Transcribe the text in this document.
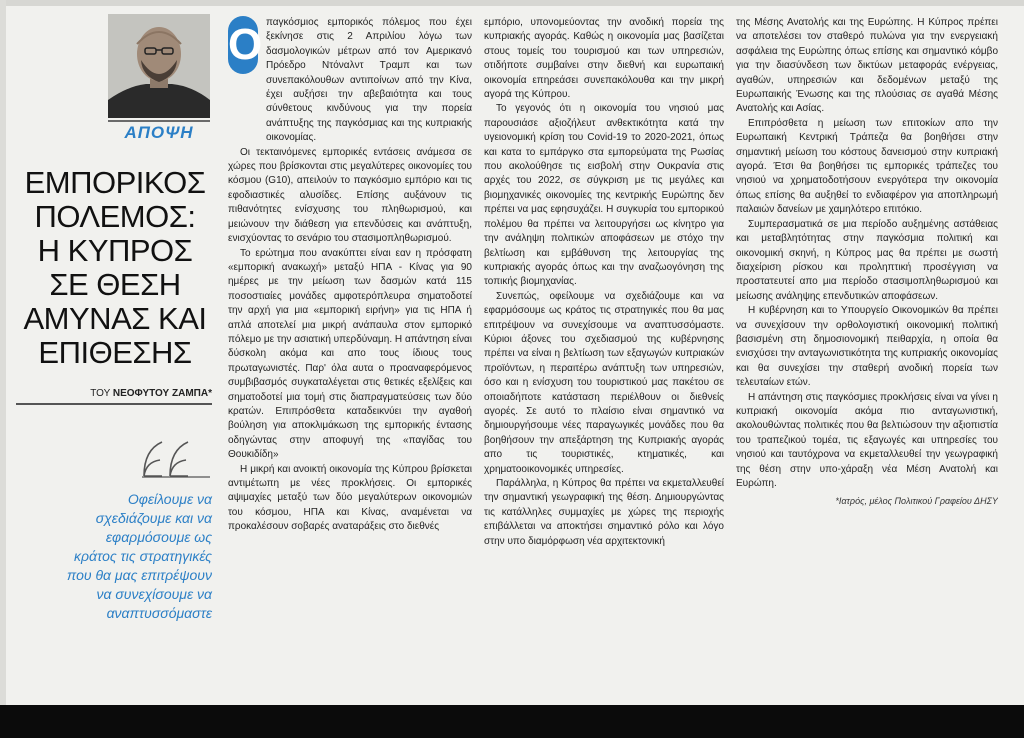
ΑΠΟΨΗ
ΕΜΠΟΡΙΚΟΣ
ΠΟΛΕΜΟΣ:
Η ΚΥΠΡΟΣ
ΣΕ ΘΕΣΗ
ΑΜΥΝΑΣ ΚΑΙ
ΕΠΙΘΕΣΗΣ
ΤΟΥ ΝΕΟΦΥΤΟΥ ΖΑΜΠΑ*
Οφείλουμε να σχεδιάζουμε και να εφαρμόσουμε ως κράτος τις στρατηγικές που θα μας επιτρέψουν να συνεχίσουμε να αναπτυσσόμαστε
Ο παγκόσμιος εμπορικός πόλεμος που έχει ξεκίνησε στις 2 Απριλίου λόγω των δασμολογικών μέτρων από τον Αμερικανό Πρόεδρο Ντόναλντ Τραμπ και των συνεπακόλουθων αντιποίνων από την Κίνα, έχει αυξήσει την αβεβαιότητα και τους σύνθετους κινδύνους για την πορεία ανάπτυξης της παγκόσμιας και της κυπριακής οικονομίας.

Οι τεκταινόμενες εμπορικές εντάσεις ανάμεσα σε χώρες που βρίσκονται στις μεγαλύτερες οικονομίες του κόσμου (G10), απειλούν το παγκόσμιο εμπόριο και τις εφοδιαστικές αλυσίδες. Επίσης αυξάνουν τις πιθανότητες ενίσχυσης του πληθωρισμού, και μειώνουν την διάθεση για επενδύσεις και ανάπτυξη, ενισχύοντας το σενάριο του στασιμοπληθωρισμού.

Το ερώτημα που ανακύπτει είναι εαν η πρόσφατη «εμπορική ανακωχή» μεταξύ ΗΠΑ - Κίνας για 90 ημέρες με την μείωση των δασμών κατά 115 ποσοστιαίες μονάδες αμφοτερόπλευρα σηματοδοτεί την αρχή για μια «εμπορική ειρήνη» για τις ΗΠΑ ή απλά αποτελεί μια μικρή ανάπαυλα στον εμπορικό πόλεμο με την ασιατική υπερδύναμη. Η απάντηση είναι δύσκολη ακόμα και απο τους ίδιους τους πρωταγωνιστές. Παρ' όλα αυτα ο προαναφερόμενος συμβιβασμός συγκαταλέγεται στις θετικές εξελίξεις και σηματοδοτεί μια τομή στις διαπραγματεύσεις των δύο κρατών. Επιπρόσθετα καταδεικνύει την αγαθοή βούληση για αποκλιμάκωση της εμπορικής έντασης οδηγώντας στην αποφυγή της «παγίδας του Θουκιδίδη»

Η μικρή και ανοικτή οικονομία της Κύπρου βρίσκεται αντιμέτωπη με νέες προκλήσεις. Οι εμπορικές αψιμαχίες μεταξύ των δύο μεγαλύτερων οικονομιών του κόσμου, ΗΠΑ και Κίνας, αναμένεται να προκαλέσουν σοβαρές αναταράξεις στο διεθνές

εμπόριο, υπονομεύοντας την ανοδική πορεία της κυπριακής αγοράς. Καθώς η οικονομία μας βασίζεται στους τομείς του τουρισμού και των υπηρεσιών, οτιδήποτε συμβαίνει στην διεθνή και ευρωπαική οικονομία επηρεάσει συνεπακόλουθα και την μικρή αγορά της Κύπρου.

Το γεγονός ότι η οικονομία του νησιού μας παρουσιάσε αξιοζήλευτ ανθεκτικότητα κατά την υγειονομική κρίση του Covid-19 το 2020-2021, όπως και κατα το εμπάργκο στα εμπορεύματα της Ρωσίας που ακολούθησε τις εισβολή στην Ουκρανία στις αρχές του 2022, σε σύγκριση με τις μεγάλες και βιομηχανικές οικονομίες της κεντρικής Ευρώπης δεν πρέπει να μας εφησυχάζει. Η συγκυρία του εμπορικού πολέμου θα πρέπει να λειτουργήσει ως κίνητρο για την ανάληψη πολιτικών αποφάσεων με στόχο την βελτίωση και εμβάθυνση της λειτουργίας της κυπριακής αγοράς όπως και την αναζωογόνηση της τοπικής βιομηχανίας.

Συνεπώς, οφείλουμε να σχεδιάζουμε και να εφαρμόσουμε ως κράτος τις στρατηγικές που θα μας επιτρέψουν να συνεχίσουμε να αναπτυσσόμαστε. Κύριοι άξονες του σχεδιασμού της κυβέρνησης πρέπει να είναι η βελτίωση των εξαγωγών κυπριακών προϊόντων, η περαιτέρω ανάπτυξη των υπηρεσιών, όσο και η ενίσχυση του τουριστικού μας πακέτου σε οποιαδήποτε κατάσταση περιέλθουν οι διεθνείς αγορές. Σε αυτό το πλαίσιο είναι σημαντικό να δημιουργήσουμε νέες παραγωγικές μονάδες που θα βοηθήσουν την απεξάρτηση της Κυπριακής αγοράς απο τις τουριστικές, κτηματικές, και χρηματοοικονομικές υπηρεσίες.

Παράλληλα, η Κύπρος θα πρέπει να εκμεταλλευθεί την σημαντική γεωγραφική της θέση. Δημιουργώντας τις κατάλληλες συμμαχίες με χώρες της περιοχής επιβάλλεται να αποκτήσει σημαντικό ρόλο και λόγο στην υπο διαμόρφωση νέα αρχιτεκτονική

της Μέσης Ανατολής και της Ευρώπης. Η Κύπρος πρέπει να αποτελέσει τον σταθερό πυλώνα για την ενεργειακή ασφάλεια της Ευρώπης όπως επίσης και σημαντικό κόμβο για την διασύνδεση των δικτύων μεταφοράς ενέργειας, αγαθών, υπηρεσιών και δεδομένων μεταξύ της Ευρωπαικής Ένωσης και της πλούσιας σε αγαθά Μέσης Ανατολής και Ασίας.

Επιπρόσθετα η μείωση των επιτοκίων απο την Ευρωπαική Κεντρική Τράπεζα θα βοηθήσει στην σημαντική μείωση του κόστους δανεισμού στην κυπριακή αγορά. Έτσι θα βοηθήσει τις εμπορικές τράπεζες του νησιού να χρηματοδοτήσουν ενεργότερα την οικονομία όπως επίσης θα αυξηθεί το ενδιαφέρον για αποπληρωμή παλαιών δανείων με χαμηλότερο επιτόκιο.

Συμπερασματικά σε μια περίοδο αυξημένης αστάθειας και μεταβλητότητας στην παγκόσμια πολιτική και οικονομική σκηνή, η Κύπρος μας θα πρέπει με σωστή διαχείριση ρίσκου και προληπτική προσέγγιση να προστατευτεί απο μια περίοδο στασιμοπληθωρισμού και μείωσης ανάληψης επενδυτικών αποφάσεων.

Η κυβέρνηση και το Υπουργείο Οικονομικών θα πρέπει να συνεχίσουν την ορθολογιστική οικονομική πολιτική βασισμένη στη δημοσιονομική πειθαρχία, η οποία θα ενισχύσει την ανταγωνιστικότητα της κυπριακής οικονομίας και θα συνεχίσει την σταθερή ανοδική πορεία των τελευταίων ετών.

Η απάντηση στις παγκόσμιες προκλήσεις είναι να γίνει η κυπριακή οικονομία ακόμα πιο ανταγωνιστική, ακολουθώντας πολιτικές που θα βελτιώσουν την αξιοπιστία του τραπεζικού τομέα, τις εξαγωγές και υπηρεσίες του νησιού και ταυτόχρονα να εκμεταλλευθεί την γεωγραφική της θέση στην υπο-χάραξη νέα Μέση Ανατολή και Ευρώπη.

*Ιατρός, μέλος Πολιτικού Γραφείου ΔΗΣΥ
